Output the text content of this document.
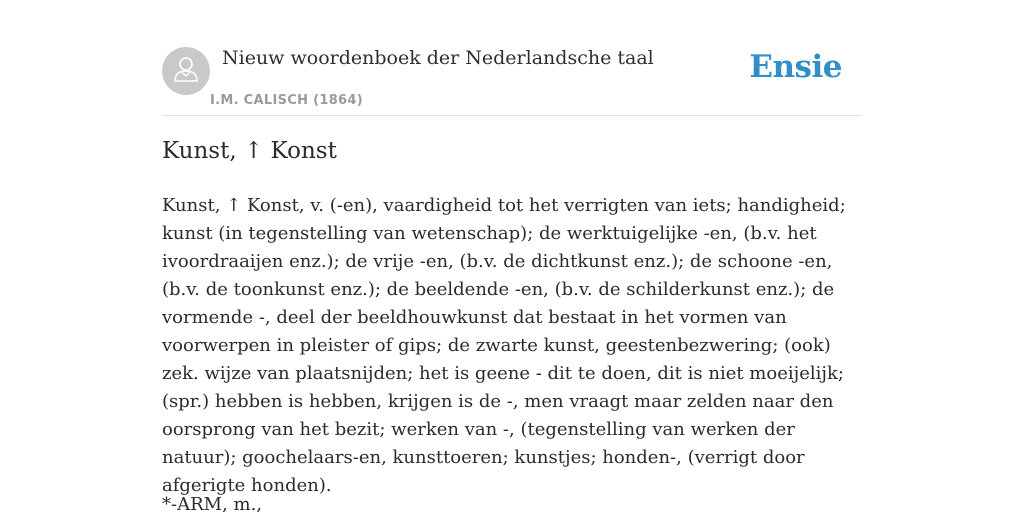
Nieuw woordenboek der Nederlandsche taal
I.M. CALISCH (1864)
Ensie
Kunst, ↑ Konst

Kunst, ↑ Konst, v. (-en), vaardigheid tot het verrigten van iets; handigheid; kunst (in tegenstelling van wetenschap); de werktuigelijke -en, (b.v. het ivoordraaijen enz.); de vrije -en, (b.v. de dichtkunst enz.); de schoone -en, (b.v. de toonkunst enz.); de beeldende -en, (b.v. de schilderkunst enz.); de vormende -, deel der beeldhouwkunst dat bestaat in het vormen van voorwerpen in pleister of gips; de zwarte kunst, geestenbezwering; (ook) zek. wijze van plaatsnijden; het is geene - dit te doen, dit is niet moeijelijk; (spr.) hebben is hebben, krijgen is de -, men vraagt maar zelden naar den oorsprong van het bezit; werken van -, (tegenstelling van werken der natuur); goochelaars-en, kunsttoeren; kunstjes; honden-, (verrigt door afgerigte honden).

*-ARM, m.,
